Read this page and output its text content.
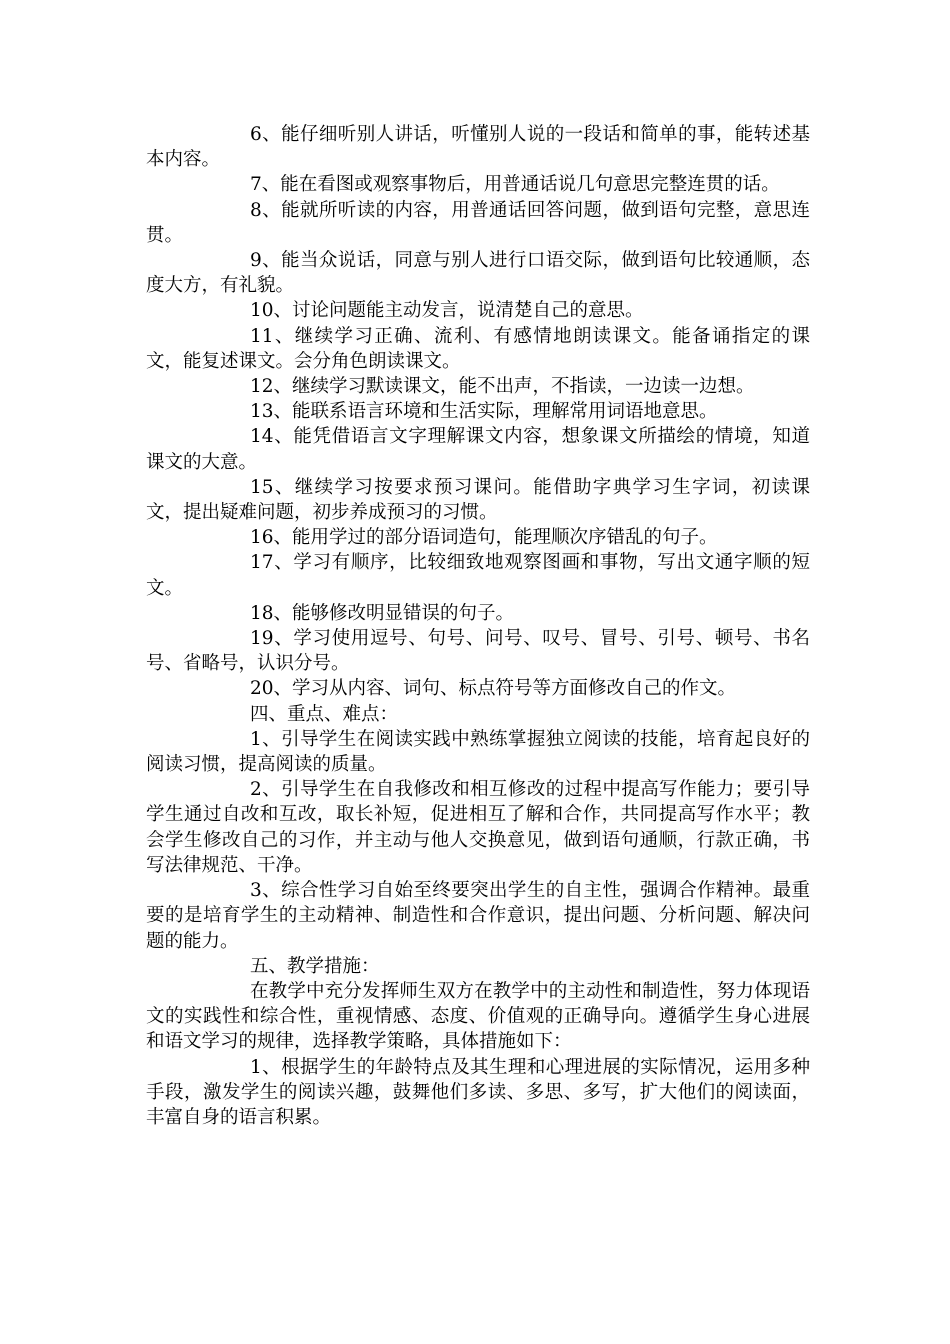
6、能仔细听别人讲话，听懂别人说的一段话和简单的事，能转述基本内容。

7、能在看图或观察事物后，用普通话说几句意思完整连贯的话。

8、能就所听读的内容，用普通话回答问题，做到语句完整，意思连贯。

9、能当众说话，同意与别人进行口语交际，做到语句比较通顺，态度大方，有礼貌。

10、讨论问题能主动发言，说清楚自己的意思。

11、继续学习正确、流利、有感情地朗读课文。能备诵指定的课文，能复述课文。会分角色朗读课文。

12、继续学习默读课文，能不出声，不指读，一边读一边想。

13、能联系语言环境和生活实际，理解常用词语地意思。

14、能凭借语言文字理解课文内容，想象课文所描绘的情境，知道课文的大意。

15、继续学习按要求预习课问。能借助字典学习生字词，初读课文，提出疑难问题，初步养成预习的习惯。

16、能用学过的部分语词造句，能理顺次序错乱的句子。

17、学习有顺序，比较细致地观察图画和事物，写出文通字顺的短文。

18、能够修改明显错误的句子。

19、学习使用逗号、句号、问号、叹号、冒号、引号、顿号、书名号、省略号，认识分号。

20、学习从内容、词句、标点符号等方面修改自己的作文。

四、重点、难点：

1、引导学生在阅读实践中熟练掌握独立阅读的技能，培育起良好的阅读习惯，提高阅读的质量。

2、引导学生在自我修改和相互修改的过程中提高写作能力；要引导学生通过自改和互改，取长补短，促进相互了解和合作，共同提高写作水平；教会学生修改自己的习作，并主动与他人交换意见，做到语句通顺，行款正确，书写法律规范、干净。

3、综合性学习自始至终要突出学生的自主性，强调合作精神。最重要的是培育学生的主动精神、制造性和合作意识，提出问题、分析问题、解决问题的能力。

五、教学措施：

在教学中充分发挥师生双方在教学中的主动性和制造性，努力体现语文的实践性和综合性，重视情感、态度、价值观的正确导向。遵循学生身心进展和语文学习的规律，选择教学策略，具体措施如下：

1、根据学生的年龄特点及其生理和心理进展的实际情况，运用多种手段，激发学生的阅读兴趣，鼓舞他们多读、多思、多写，扩大他们的阅读面，丰富自身的语言积累。
